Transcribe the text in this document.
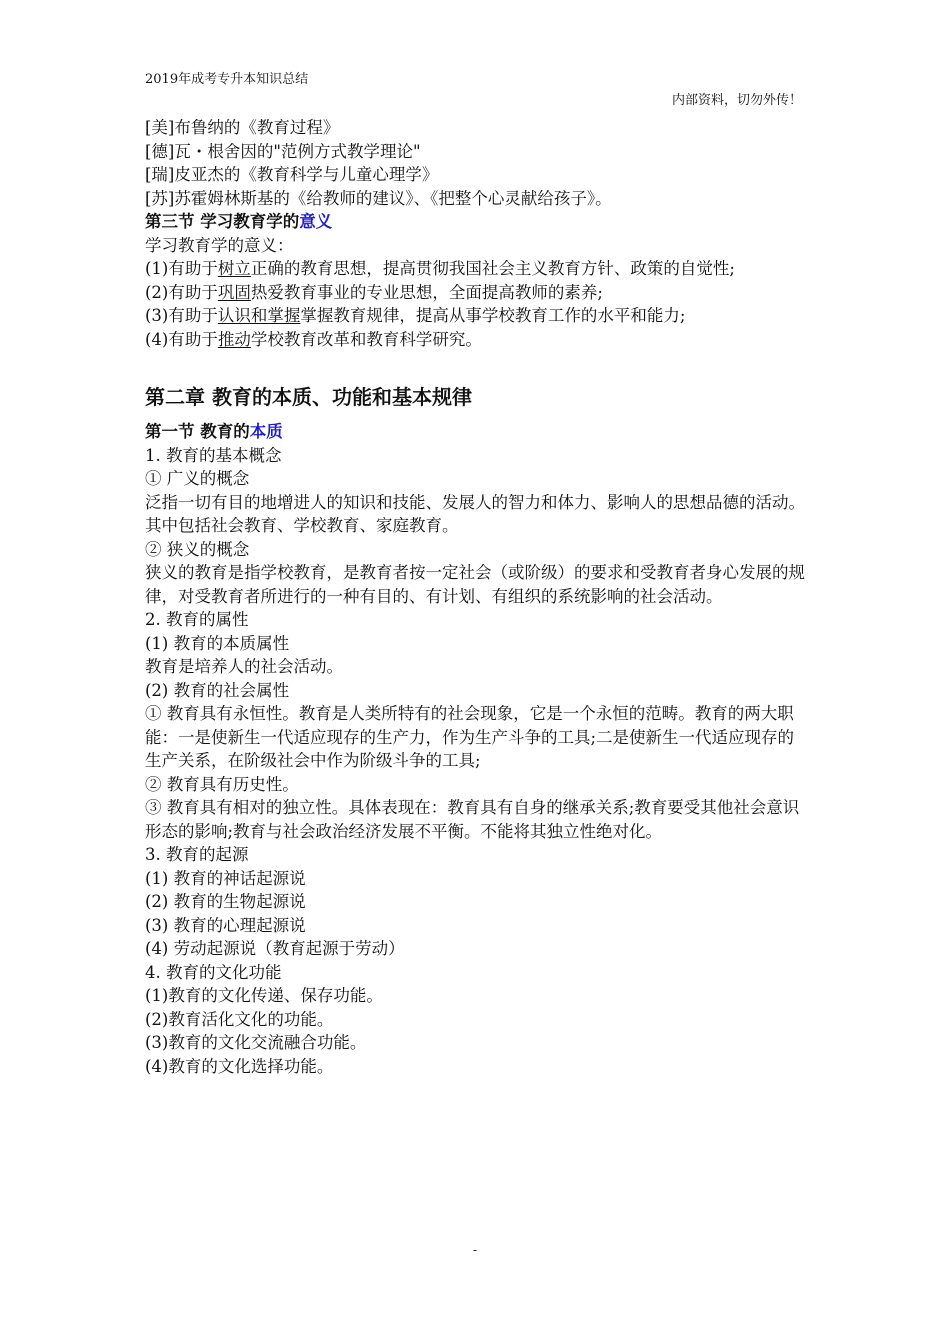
2019年成考专升本知识总结
内部资料，切勿外传！

[美]布鲁纳的《教育过程》

[德]瓦・根舍因的"范例方式教学理论"

[瑞]皮亚杰的《教育科学与儿童心理学》

[苏]苏霍姆林斯基的《给教师的建议》、《把整个心灵献给孩子》。

第三节 学习教育学的意义

学习教育学的意义：

(1)有助于树立正确的教育思想，提高贯彻我国社会主义教育方针、政策的自觉性;

(2)有助于巩固热爱教育事业的专业思想，全面提高教师的素养;

(3)有助于认识和掌握掌握教育规律，提高从事学校教育工作的水平和能力;

(4)有助于推动学校教育改革和教育科学研究。

第二章 教育的本质、功能和基本规律
第一节 教育的本质

1. 教育的基本概念

① 广义的概念

泛指一切有目的地增进人的知识和技能、发展人的智力和体力、影响人的思想品德的活动。其中包括社会教育、学校教育、家庭教育。

② 狭义的概念

狭义的教育是指学校教育，是教育者按一定社会（或阶级）的要求和受教育者身心发展的规律，对受教育者所进行的一种有目的、有计划、有组织的系统影响的社会活动。

2. 教育的属性

(1) 教育的本质属性

教育是培养人的社会活动。

(2) 教育的社会属性

① 教育具有永恒性。教育是人类所特有的社会现象，它是一个永恒的范畴。教育的两大职能：一是使新生一代适应现存的生产力，作为生产斗争的工具;二是使新生一代适应现存的生产关系，在阶级社会中作为阶级斗争的工具;

② 教育具有历史性。

③ 教育具有相对的独立性。具体表现在：教育具有自身的继承关系;教育要受其他社会意识形态的影响;教育与社会政治经济发展不平衡。不能将其独立性绝对化。

3. 教育的起源

(1) 教育的神话起源说

(2) 教育的生物起源说

(3) 教育的心理起源说

(4) 劳动起源说（教育起源于劳动）

4. 教育的文化功能

(1)教育的文化传递、保存功能。

(2)教育活化文化的功能。

(3)教育的文化交流融合功能。

(4)教育的文化选择功能。

-
